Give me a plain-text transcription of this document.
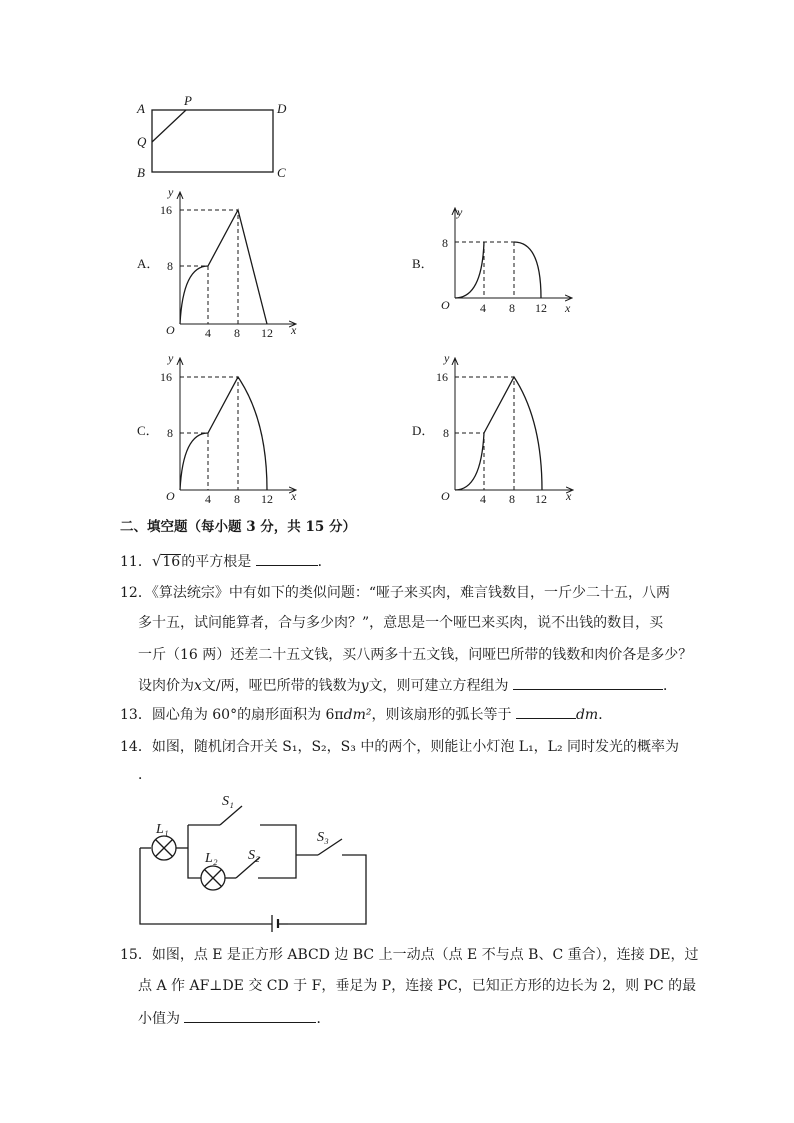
A
P
D
Q
B	C
A．
y
x
O
16
8
4 8 12
B．
y
x
O
8
4 8 12
C．
y
x
O
16
8
4 8 12
D．
y
x
O
16
8
4 8 12
S₁
L₁
S₃
L₂ S₂
二、填空题（每小题 3 分，共 15 分）
11．√16的平方根是	．
12．《算法统宗》中有如下的类似问题：“哑子来买肉，难言钱数目，一斤少二十五，八两
多十五，试问能算者，合与多少肉？”，意思是一个哑巴来买肉，说不出钱的数目，买
一斤（16 两）还差二十五文钱，买八两多十五文钱，问哑巴所带的钱数和肉价各是多少？
设肉价为x文/两，哑巴所带的钱数为y文，则可建立方程组为	．
13．圆心角为 60°的扇形面积为 6πdm²，则该扇形的弧长等于	dm．
14．如图，随机闭合开关 S₁，S₂，S₃ 中的两个，则能让小灯泡 L₁，L₂ 同时发光的概率为
．
15．如图，点 E 是正方形 ABCD 边 BC 上一动点（点 E 不与点 B、C 重合），连接 DE，过
点 A 作 AF⊥DE 交 CD 于 F，垂足为 P，连接 PC，已知正方形的边长为 2，则 PC 的最
小值为	．
